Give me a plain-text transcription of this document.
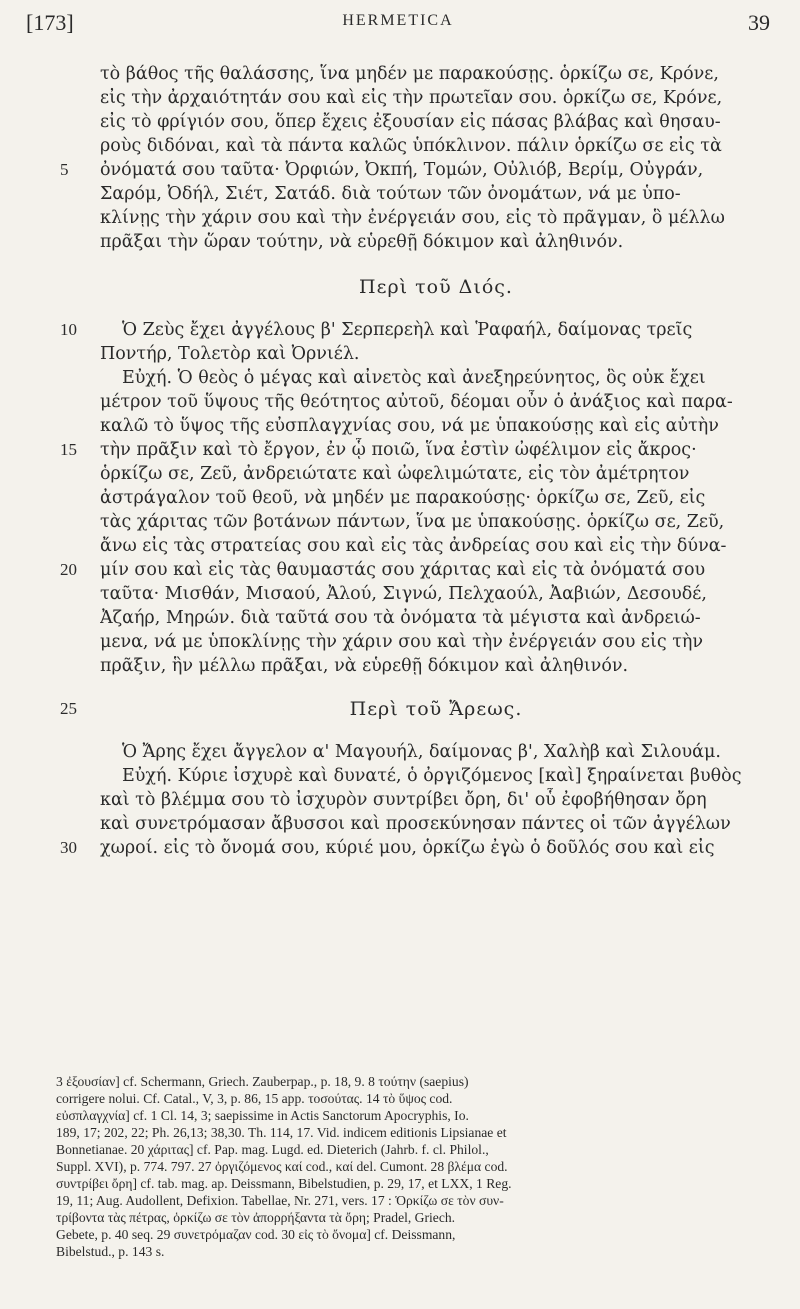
[173]	HERMETICA	39
τὸ βάθος τῆς θαλάσσης, ἵνα μηδέν με παρακούσῃς. ὁρκίζω σε, Κρόνε,
εἰς τὴν ἀρχαιότητάν σου καὶ εἰς τὴν πρωτεῖαν σου. ὁρκίζω σε, Κρόνε,
εἰς τὸ φρίγιόν σου, ὅπερ ἔχεις ἐξουσίαν εἰς πάσας βλάβας καὶ θησαυ-
ροὺς διδόναι, καὶ τὰ πάντα καλῶς ὑπόκλινον. πάλιν ὁρκίζω σε εἰς τὰ
5	ὀνόματά σου ταῦτα· Ὀρφιών, Ὀκπή, Τομών, Οὐλιόβ, Βερίμ, Οὐγράν,
Σαρόμ, Ὀδήλ, Σιέτ, Σατάδ. διὰ τούτων τῶν ὀνομάτων, νά με ὑπο-
κλίνῃς τὴν χάριν σου καὶ τὴν ἐνέργειάν σου, εἰς τὸ πρᾶγμαν, ὃ μέλλω
πρᾶξαι τὴν ὥραν τούτην, νὰ εὑρεθῇ δόκιμον καὶ ἀληθινόν.
Περὶ τοῦ Διός.
10	Ὁ Ζεὺς ἔχει ἀγγέλους β' Σερπερεὴλ καὶ Ῥαφαήλ, δαίμονας τρεῖς
Ποντήρ, Τολετὸρ καὶ Ὀρνιέλ.
Εὐχή. Ὁ θεὸς ὁ μέγας καὶ αἰνετὸς καὶ ἀνεξηρεύνητος, ὃς οὐκ ἔχει
μέτρον τοῦ ὕψους τῆς θεότητος αὐτοῦ, δέομαι οὖν ὁ ἀνάξιος καὶ παρα-
καλῶ τὸ ὕψος τῆς εὐσπλαγχνίας σου, νά με ὑπακούσῃς καὶ εἰς αὐτὴν
15	τὴν πρᾶξιν καὶ τὸ ἔργον, ἐν ᾧ ποιῶ, ἵνα ἐστὶν ὠφέλιμον εἰς ἄκρος·
ὁρκίζω σε, Ζεῦ, ἀνδρειώτατε καὶ ὠφελιμώτατε, εἰς τὸν ἀμέτρητον
ἀστράγαλον τοῦ θεοῦ, νὰ μηδέν με παρακούσῃς· ὁρκίζω σε, Ζεῦ, εἰς
τὰς χάριτας τῶν βοτάνων πάντων, ἵνα με ὑπακούσῃς. ὁρκίζω σε, Ζεῦ,
ἄνω εἰς τὰς στρατείας σου καὶ εἰς τὰς ἀνδρείας σου καὶ εἰς τὴν δύνα-
20	μίν σου καὶ εἰς τὰς θαυμαστάς σου χάριτας καὶ εἰς τὰ ὀνόματά σου
ταῦτα· Μισθάν, Μισαού, Ἀλού, Σιγνώ, Πελχαούλ, Ἀαβιών, Δεσουδέ,
Ἀζαήρ, Μηρών. διὰ ταῦτά σου τὰ ὀνόματα τὰ μέγιστα καὶ ἀνδρειώ-
μενα, νά με ὑποκλίνῃς τὴν χάριν σου καὶ τὴν ἐνέργειάν σου εἰς τὴν
πρᾶξιν, ἣν μέλλω πρᾶξαι, νὰ εὑρεθῇ δόκιμον καὶ ἀληθινόν.
25	Περὶ τοῦ Ἄρεως.
Ὁ Ἄρης ἔχει ἄγγελον α' Μαγουήλ, δαίμονας β', Χαλὴβ καὶ Σιλουάμ.
Εὐχή. Κύριε ἰσχυρὲ καὶ δυνατέ, ὁ ὀργιζόμενος [καὶ] ξηραίνεται βυθὸς
καὶ τὸ βλέμμα σου τὸ ἰσχυρὸν συντρίβει ὄρη, δι' οὗ ἐφοβήθησαν ὄρη
καὶ συνετρόμασαν ἄβυσσοι καὶ προσεκύνησαν πάντες οἱ τῶν ἀγγέλων
30	χωροί. εἰς τὸ ὄνομά σου, κύριέ μου, ὁρκίζω ἐγὼ ὁ δοῦλός σου καὶ εἰς
3 ἐξουσίαν] cf. Schermann, Griech. Zauberpap., p. 18, 9. 8 τούτην (saepius)
corrigere nolui. Cf. Catal., V, 3, p. 86, 15 app. τοσούτας. 14 τὸ ὕψος cod.
εὐσπλαγχνία] cf. 1 Cl. 14, 3; saepissime in Actis Sanctorum Apocryphis, Io.
189, 17; 202, 22; Ph. 26,13; 38,30. Th. 114, 17. Vid. indicem editionis Lipsianae et
Bonnetianae. 20 χάριτας] cf. Pap. mag. Lugd. ed. Dieterich (Jahrb. f. cl. Philol.,
Suppl. XVI), p. 774. 797. 27 ὀργιζόμενος καί cod., καί del. Cumont. 28 βλέμα cod.
συντρίβει ὄρη] cf. tab. mag. ap. Deissmann, Bibelstudien, p. 29, 17, et LXX, 1 Reg.
19, 11; Aug. Audollent, Defixion. Tabellae, Nr. 271, vers. 17 : Ὁρκίζω σε τὸν συν-
τρίβοντα τὰς πέτρας, ὁρκίζω σε τὸν ἀπορρήξαντα τὰ ὄρη; Pradel, Griech.
Gebete, p. 40 seq. 29 συνετρόμαζαν cod. 30 εἰς τὸ ὄνομα] cf. Deissmann,
Bibelstud., p. 143 s.
